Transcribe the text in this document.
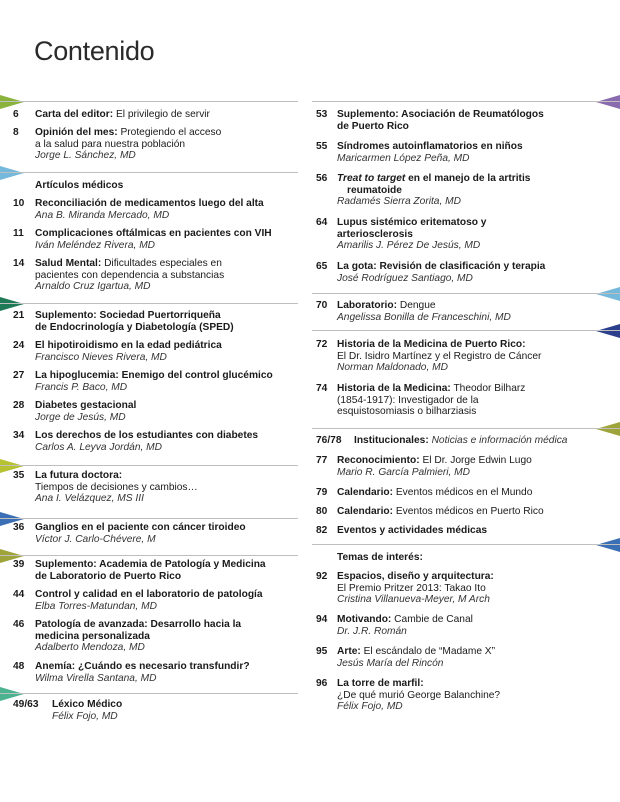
Contenido
6 Carta del editor: El privilegio de servir
8 Opinión del mes: Protegiendo el acceso
a la salud para nuestra población
Jorge L. Sánchez, MD
Artículos médicos
10 Reconciliación de medicamentos luego del alta
Ana B. Miranda Mercado, MD
11 Complicaciones oftálmicas en pacientes con VIH
Iván Meléndez Rivera, MD
14 Salud Mental: Dificultades especiales en
pacientes con dependencia a substancias
Arnaldo Cruz Igartua, MD
21 Suplemento: Sociedad Puertorriqueña
de Endocrinología y Diabetología (SPED)
24 El hipotiroidismo en la edad pediátrica
Francisco Nieves Rivera, MD
27 La hipoglucemia: Enemigo del control glucémico
Francis P. Baco, MD
28 Diabetes gestacional
Jorge de Jesús, MD
34 Los derechos de los estudiantes con diabetes
Carlos A. Leyva Jordán, MD
35 La futura doctora:
Tiempos de decisiones y cambios…
Ana I. Velázquez, MS III
36 Ganglios en el paciente con cáncer tiroideo
Víctor J. Carlo-Chévere, M
39 Suplemento: Academia de Patología y Medicina
de Laboratorio de Puerto Rico
44 Control y calidad en el laboratorio de patología
Elba Torres-Matundan, MD
46 Patología de avanzada: Desarrollo hacia la
medicina personalizada
Adalberto Mendoza, MD
48 Anemía: ¿Cuándo es necesario transfundir?
Wilma Virella Santana, MD
49/63 Léxico Médico
Félix Fojo, MD
53 Suplemento: Asociación de Reumatólogos
de Puerto Rico
55 Síndromes autoinflamatorios en niños
Maricarmen López Peña, MD
56 Treat to target en el manejo de la artritis
reumatoide
Radamés Sierra Zorita, MD
64 Lupus sistémico eritematoso y
arteriosclerosis
Amarilis J. Pérez De Jesús, MD
65 La gota: Revisión de clasificación y terapia
José Rodríguez Santiago, MD
70 Laboratorio: Dengue
Angelissa Bonilla de Franceschini, MD
72 Historia de la Medicina de Puerto Rico:
El Dr. Isidro Martínez y el Registro de Cáncer
Norman Maldonado, MD
74 Historia de la Medicina: Theodor Bilharz
(1854-1917): Investigador de la
esquistosomiasis o bilharziasis
76/78 Institucionales: Noticias e información médica
77 Reconocimiento: El Dr. Jorge Edwin Lugo
Mario R. García Palmieri, MD
79 Calendario: Eventos médicos en el Mundo
80 Calendario: Eventos médicos en Puerto Rico
82 Eventos y actividades médicas
Temas de interés:
92 Espacios, diseño y arquitectura:
El Premio Pritzer 2013: Takao Ito
Cristina Villanueva-Meyer, M Arch
94 Motivando: Cambie de Canal
Dr. J.R. Román
95 Arte: El escándalo de “Madame X”
Jesús María del Rincón
96 La torre de marfil:
¿De qué murió George Balanchine?
Félix Fojo, MD
